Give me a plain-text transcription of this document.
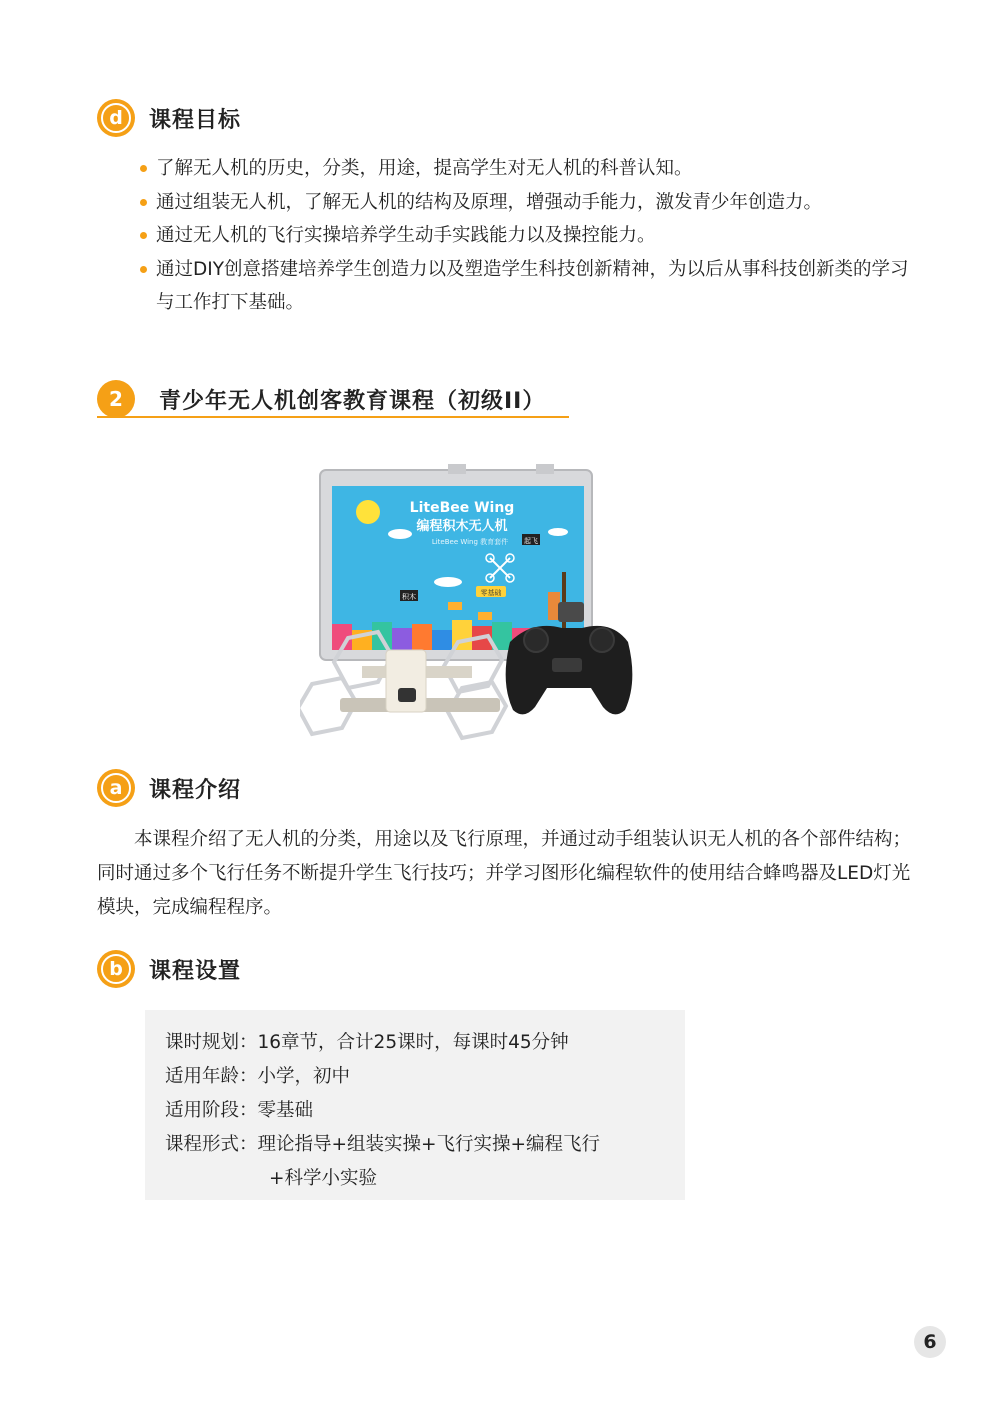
d	课程目标
了解无人机的历史，分类，用途，提高学生对无人机的科普认知。
通过组装无人机，了解无人机的结构及原理，增强动手能力，激发青少年创造力。
通过无人机的飞行实操培养学生动手实践能力以及操控能力。
通过DIY创意搭建培养学生创造力以及塑造学生科技创新精神，为以后从事科技创新类的学习与工作打下基础。
2	青少年无人机创客教育课程（初级II）
LiteBee Wing
编程积木无人机
LiteBee Wing 教育套件
积木
起飞
零基础
a	课程介绍

本课程介绍了无人机的分类，用途以及飞行原理，并通过动手组装认识无人机的各个部件结构；同时通过多个飞行任务不断提升学生飞行技巧；并学习图形化编程软件的使用结合蜂鸣器及LED灯光模块，完成编程程序。

b	课程设置
课时规划：16章节，合计25课时，每课时45分钟
适用年龄：小学，初中
适用阶段：零基础
课程形式：理论指导+组装实操+飞行实操+编程飞行
+科学小实验
6
